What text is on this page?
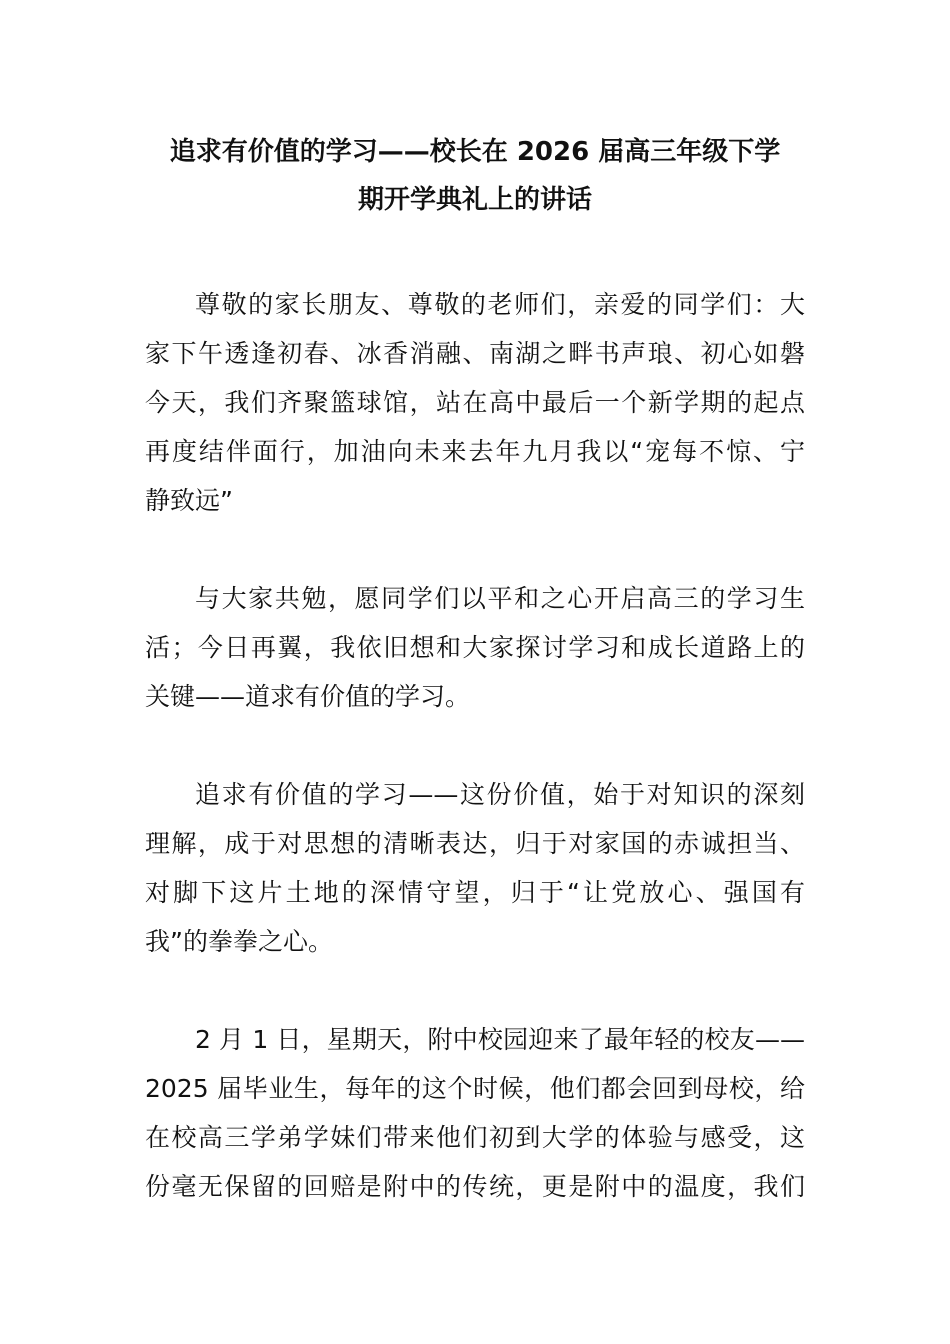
追求有价值的学习——校长在 2026 届高三年级下学
期开学典礼上的讲话

尊敬的家长朋友、尊敬的老师们，亲爱的同学们：大
家下午透逢初春、冰香消融、南湖之畔书声琅、初心如磐
今天，我们齐聚篮球馆，站在高中最后一个新学期的起点
再度结伴面行，加油向未来去年九月我以“宠每不惊、宁
静致远”

与大家共勉，愿同学们以平和之心开启高三的学习生
活；今日再翼，我依旧想和大家探讨学习和成长道路上的
关键——道求有价值的学习。

追求有价值的学习——这份价值，始于对知识的深刻
理解，成于对思想的清晰表达，归于对家国的赤诚担当、
对脚下这片土地的深情守望，归于“让党放心、强国有
我”的拳拳之心。

2 月 1 日，星期天，附中校园迎来了最年轻的校友——
2025 届毕业生，每年的这个时候，他们都会回到母校，给
在校高三学弟学妹们带来他们初到大学的体验与感受，这
份毫无保留的回赔是附中的传统，更是附中的温度，我们
